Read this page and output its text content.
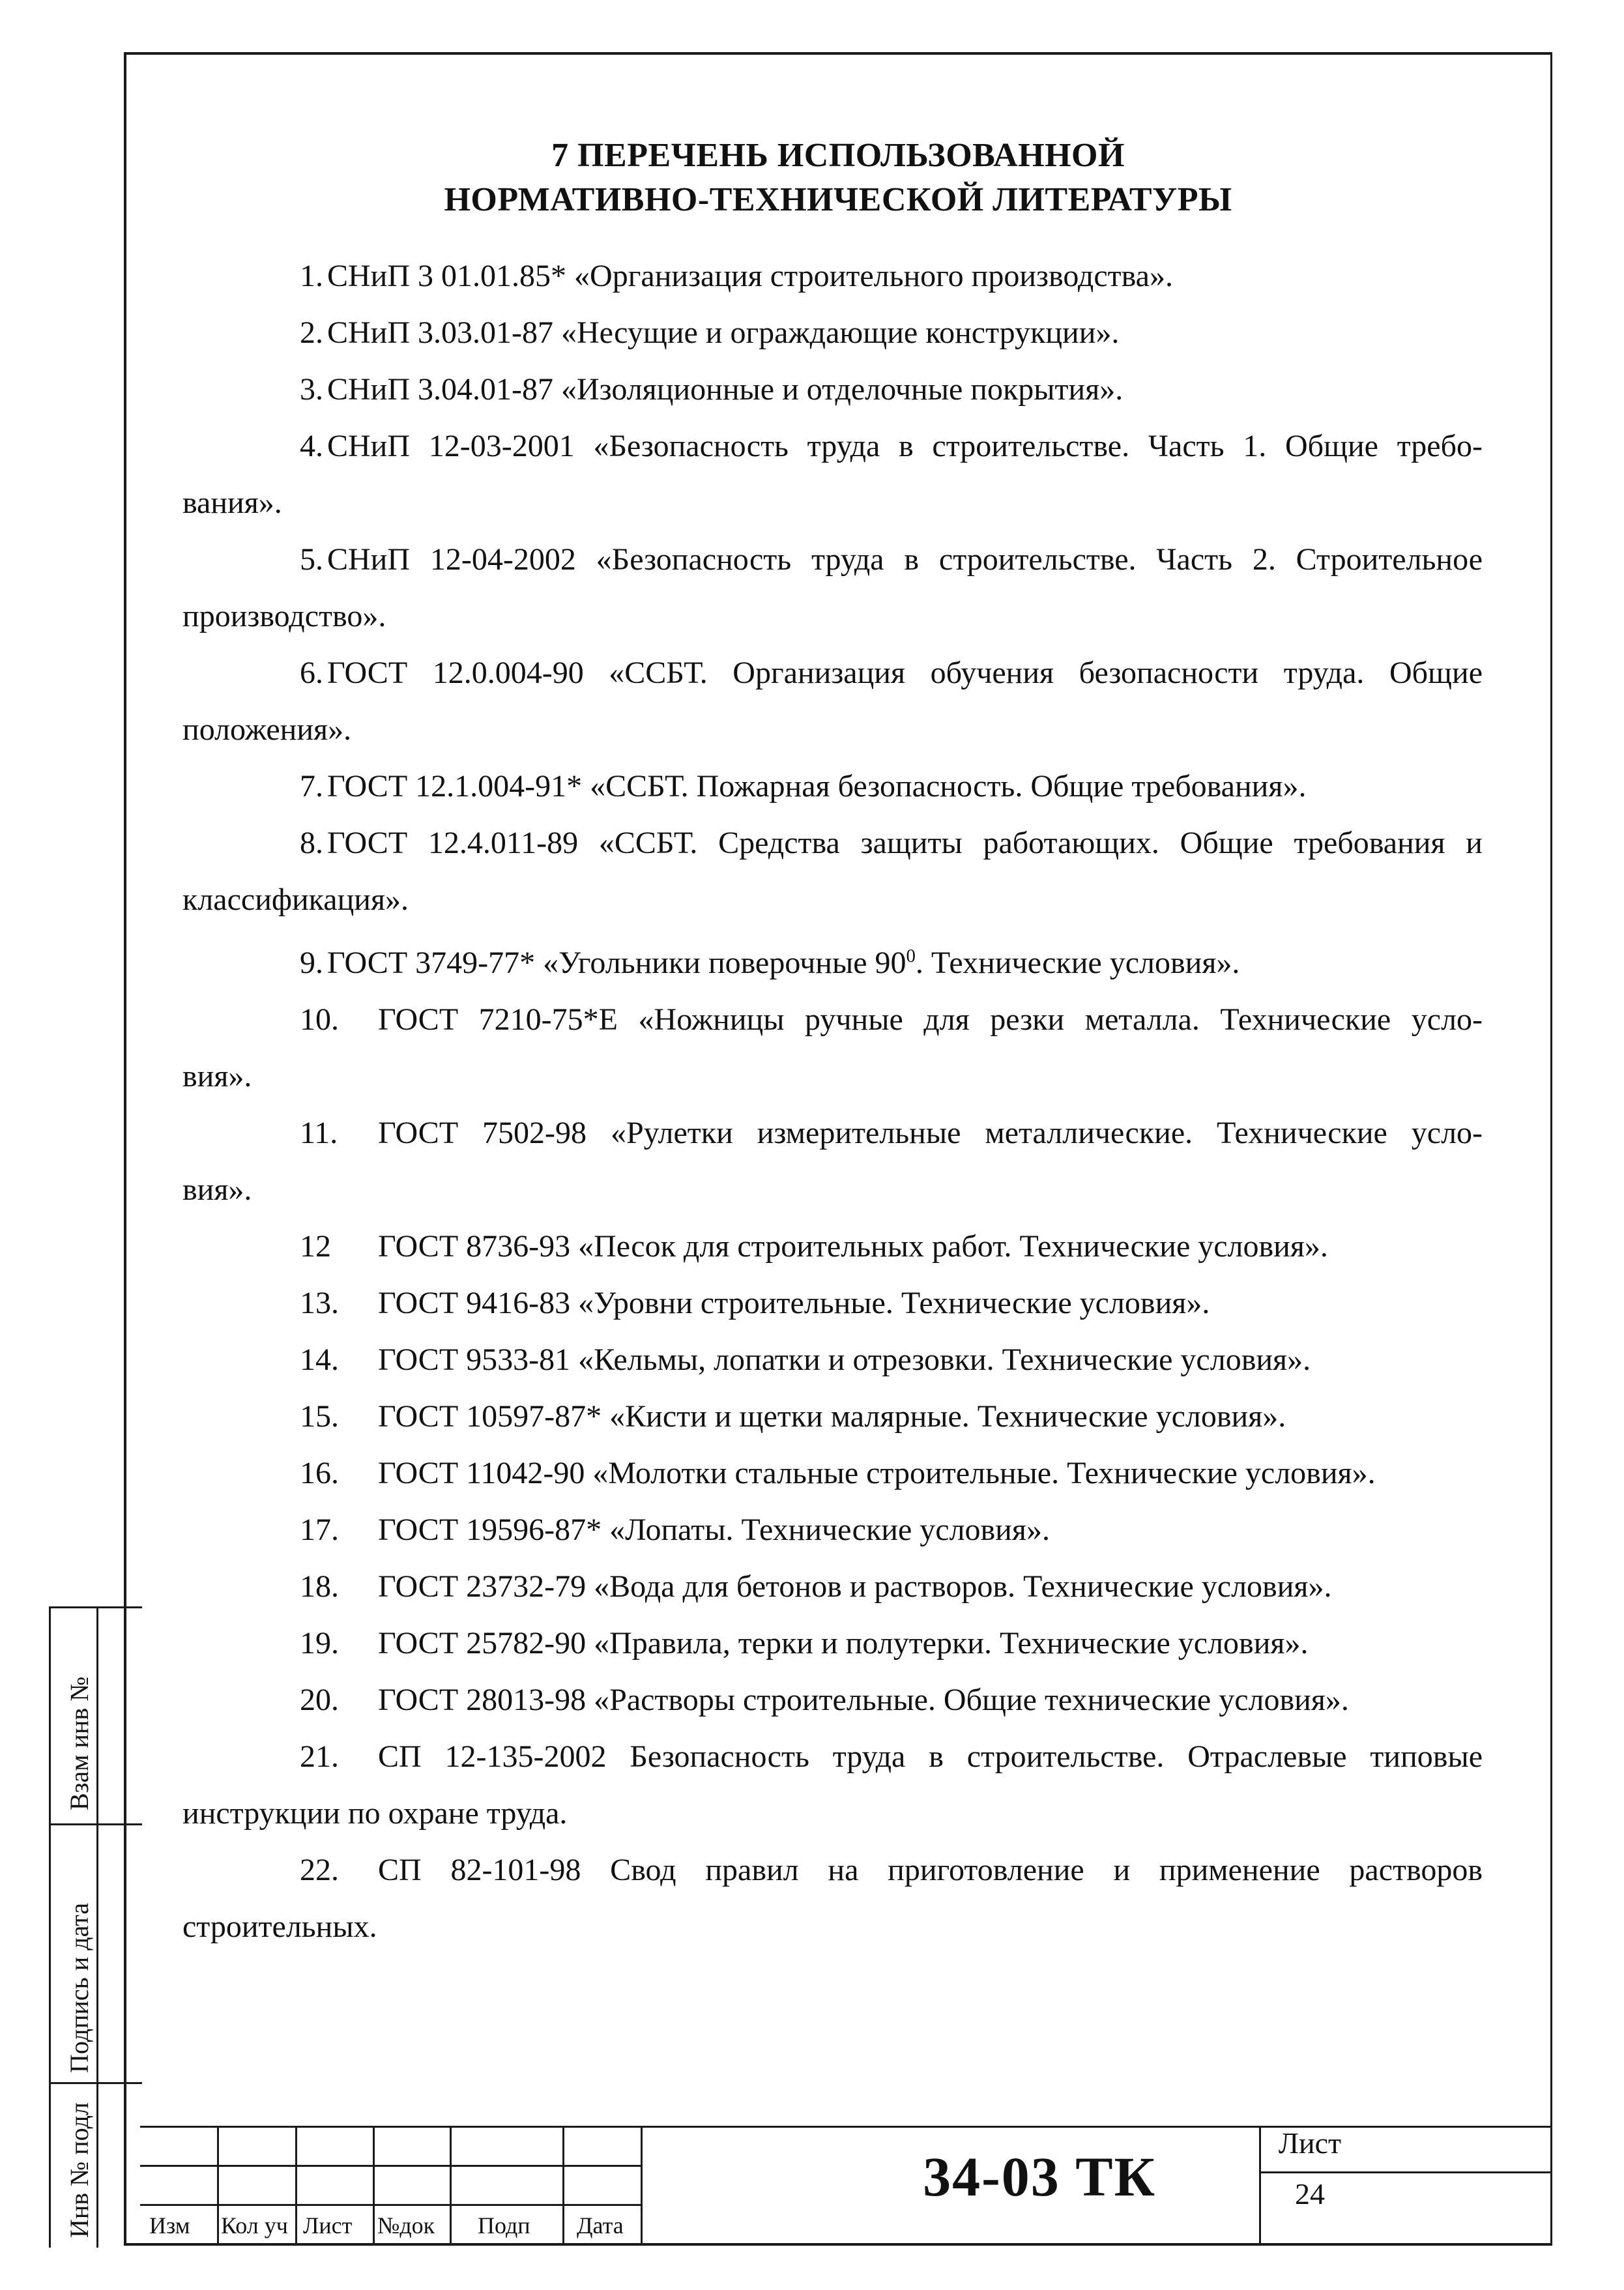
7 ПЕРЕЧЕНЬ ИСПОЛЬЗОВАННОЙ
НОРМАТИВНО-ТЕХНИЧЕСКОЙ ЛИТЕРАТУРЫ
1. СНиП 3 01.01.85* «Организация строительного производства».
2. СНиП 3.03.01-87 «Несущие и ограждающие конструкции».
3. СНиП 3.04.01-87 «Изоляционные и отделочные покрытия».
4. СНиП 12-03-2001 «Безопасность труда в строительстве. Часть 1. Общие требо-
вания».
5. СНиП 12-04-2002 «Безопасность труда в строительстве. Часть 2. Строительное
производство».
6. ГОСТ 12.0.004-90 «ССБТ. Организация обучения безопасности труда. Общие
положения».
7. ГОСТ 12.1.004-91* «ССБТ. Пожарная безопасность. Общие требования».
8. ГОСТ 12.4.011-89 «ССБТ. Средства защиты работающих. Общие требования и
классификация».
9. ГОСТ 3749-77* «Угольники поверочные $90^0$. Технические условия».
10. ГОСТ 7210-75*Е «Ножницы ручные для резки металла. Технические усло-
вия».
11. ГОСТ 7502-98 «Рулетки измерительные металлические. Технические усло-
вия».
12 ГОСТ 8736-93 «Песок для строительных работ. Технические условия».
13. ГОСТ 9416-83 «Уровни строительные. Технические условия».
14. ГОСТ 9533-81 «Кельмы, лопатки и отрезовки. Технические условия».
15. ГОСТ 10597-87* «Кисти и щетки малярные. Технические условия».
16. ГОСТ 11042-90 «Молотки стальные строительные. Технические условия».
17. ГОСТ 19596-87* «Лопаты. Технические условия».
18. ГОСТ 23732-79 «Вода для бетонов и растворов. Технические условия».
19. ГОСТ 25782-90 «Правила, терки и полутерки. Технические условия».
20. ГОСТ 28013-98 «Растворы строительные. Общие технические условия».
21. СП 12-135-2002 Безопасность труда в строительстве. Отраслевые типовые
инструкции по охране труда.
22. СП 82-101-98 Свод правил на приготовление и применение растворов
строительных.
Взам инв №
Подпись и дата
Инв № подл Изм Кол уч Лист №док Подп Дата
34-03 ТК
Лист
24
